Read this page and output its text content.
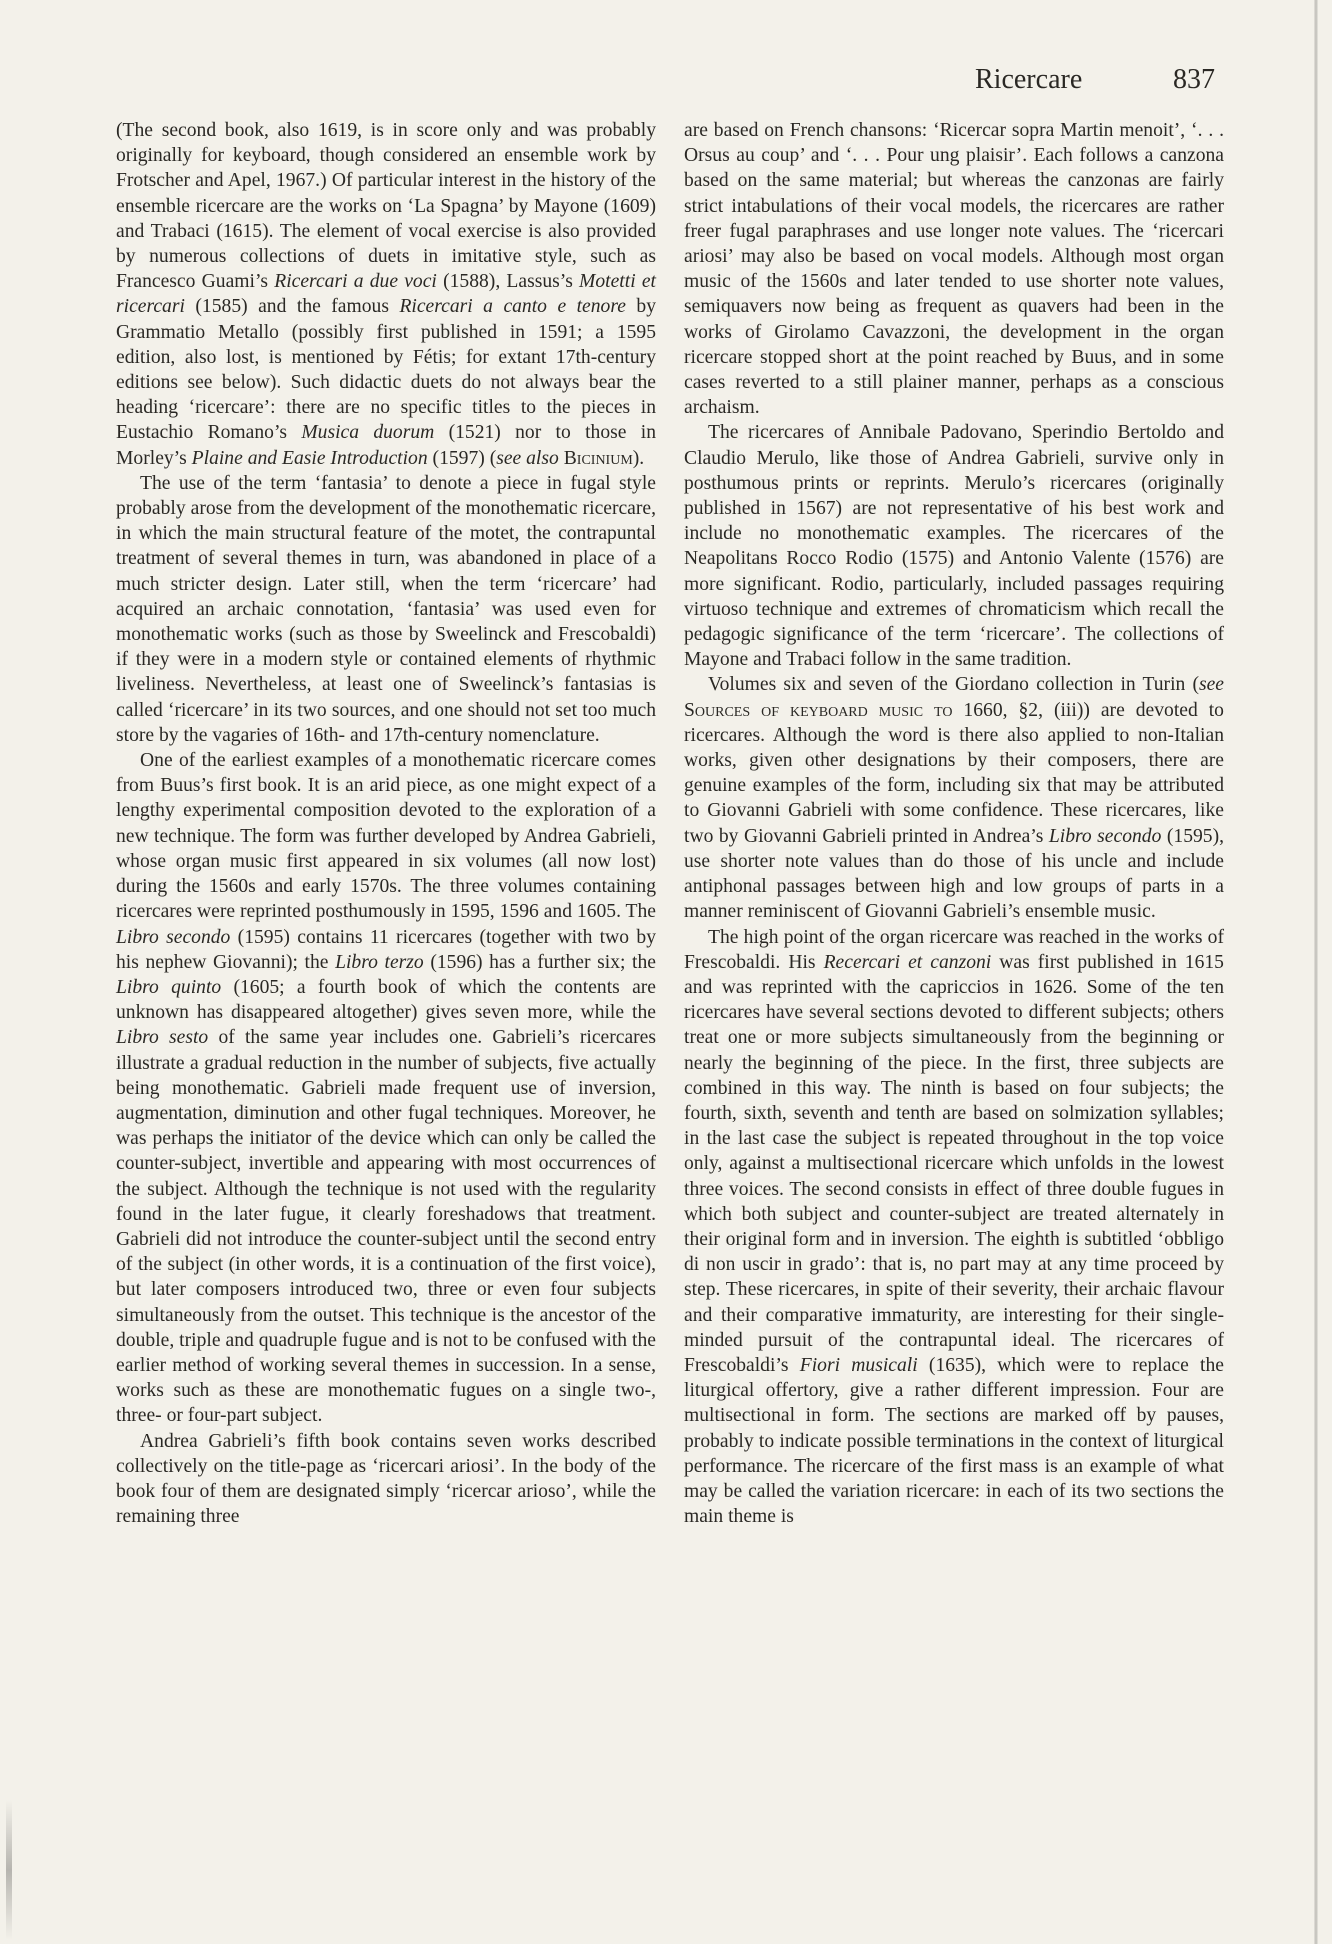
Ricercare	837

(The second book, also 1619, is in score only and was probably originally for keyboard, though considered an ensemble work by Frotscher and Apel, 1967.) Of particular interest in the history of the ensemble ricercare are the works on ‘La Spagna’ by Mayone (1609) and Trabaci (1615). The element of vocal exercise is also provided by numerous collections of duets in imitative style, such as Francesco Guami’s Ricercari a due voci (1588), Lassus’s Motetti et ricercari (1585) and the famous Ricercari a canto e tenore by Grammatio Metallo (possibly first published in 1591; a 1595 edition, also lost, is mentioned by Fétis; for extant 17th-century editions see below). Such didactic duets do not always bear the heading ‘ricercare’: there are no specific titles to the pieces in Eustachio Romano’s Musica duorum (1521) nor to those in Morley’s Plaine and Easie Introduction (1597) (see also Bicinium).

The use of the term ‘fantasia’ to denote a piece in fugal style probably arose from the development of the monothematic ricercare, in which the main structural feature of the motet, the contrapuntal treatment of several themes in turn, was abandoned in place of a much stricter design. Later still, when the term ‘ricercare’ had acquired an archaic connotation, ‘fantasia’ was used even for monothematic works (such as those by Sweelinck and Frescobaldi) if they were in a modern style or contained elements of rhythmic liveliness. Nevertheless, at least one of Sweelinck’s fantasias is called ‘ricercare’ in its two sources, and one should not set too much store by the vagaries of 16th- and 17th-century nomenclature.

One of the earliest examples of a monothematic ricercare comes from Buus’s first book. It is an arid piece, as one might expect of a lengthy experimental composition devoted to the exploration of a new technique. The form was further developed by Andrea Gabrieli, whose organ music first appeared in six volumes (all now lost) during the 1560s and early 1570s. The three volumes containing ricercares were reprinted posthumously in 1595, 1596 and 1605. The Libro secondo (1595) contains 11 ricercares (together with two by his nephew Giovanni); the Libro terzo (1596) has a further six; the Libro quinto (1605; a fourth book of which the contents are unknown has disappeared altogether) gives seven more, while the Libro sesto of the same year includes one. Gabrieli’s ricercares illustrate a gradual reduction in the number of subjects, five actually being monothematic. Gabrieli made frequent use of inversion, augmentation, diminution and other fugal techniques. Moreover, he was perhaps the initiator of the device which can only be called the counter-subject, invertible and appearing with most occurrences of the subject. Although the technique is not used with the regularity found in the later fugue, it clearly foreshadows that treatment. Gabrieli did not introduce the counter-subject until the second entry of the subject (in other words, it is a continuation of the first voice), but later composers introduced two, three or even four subjects simultaneously from the outset. This technique is the ancestor of the double, triple and quadruple fugue and is not to be confused with the earlier method of working several themes in succession. In a sense, works such as these are monothematic fugues on a single two-, three- or four-part subject.

Andrea Gabrieli’s fifth book contains seven works described collectively on the title-page as ‘ricercari ariosi’. In the body of the book four of them are designated simply ‘ricercar arioso’, while the remaining three

are based on French chansons: ‘Ricercar sopra Martin menoit’, ‘. . . Orsus au coup’ and ‘. . . Pour ung plaisir’. Each follows a canzona based on the same material; but whereas the canzonas are fairly strict intabulations of their vocal models, the ricercares are rather freer fugal paraphrases and use longer note values. The ‘ricercari ariosi’ may also be based on vocal models. Although most organ music of the 1560s and later tended to use shorter note values, semiquavers now being as frequent as quavers had been in the works of Girolamo Cavazzoni, the development in the organ ricercare stopped short at the point reached by Buus, and in some cases reverted to a still plainer manner, perhaps as a conscious archaism.

The ricercares of Annibale Padovano, Sperindio Bertoldo and Claudio Merulo, like those of Andrea Gabrieli, survive only in posthumous prints or reprints. Merulo’s ricercares (originally published in 1567) are not representative of his best work and include no monothematic examples. The ricercares of the Neapolitans Rocco Rodio (1575) and Antonio Valente (1576) are more significant. Rodio, particularly, included passages requiring virtuoso technique and extremes of chromaticism which recall the pedagogic significance of the term ‘ricercare’. The collections of Mayone and Trabaci follow in the same tradition.

Volumes six and seven of the Giordano collection in Turin (see Sources of keyboard music to 1660, §2, (iii)) are devoted to ricercares. Although the word is there also applied to non-Italian works, given other designations by their composers, there are genuine examples of the form, including six that may be attributed to Giovanni Gabrieli with some confidence. These ricercares, like two by Giovanni Gabrieli printed in Andrea’s Libro secondo (1595), use shorter note values than do those of his uncle and include antiphonal passages between high and low groups of parts in a manner reminiscent of Giovanni Gabrieli’s ensemble music.

The high point of the organ ricercare was reached in the works of Frescobaldi. His Recercari et canzoni was first published in 1615 and was reprinted with the capriccios in 1626. Some of the ten ricercares have several sections devoted to different subjects; others treat one or more subjects simultaneously from the beginning or nearly the beginning of the piece. In the first, three subjects are combined in this way. The ninth is based on four subjects; the fourth, sixth, seventh and tenth are based on solmization syllables; in the last case the subject is repeated throughout in the top voice only, against a multisectional ricercare which unfolds in the lowest three voices. The second consists in effect of three double fugues in which both subject and counter-subject are treated alternately in their original form and in inversion. The eighth is subtitled ‘obbligo di non uscir in grado’: that is, no part may at any time proceed by step. These ricercares, in spite of their severity, their archaic flavour and their comparative immaturity, are interesting for their single-minded pursuit of the contrapuntal ideal. The ricercares of Frescobaldi’s Fiori musicali (1635), which were to replace the liturgical offertory, give a rather different impression. Four are multisectional in form. The sections are marked off by pauses, probably to indicate possible terminations in the context of liturgical performance. The ricercare of the first mass is an example of what may be called the variation ricercare: in each of its two sections the main theme is
